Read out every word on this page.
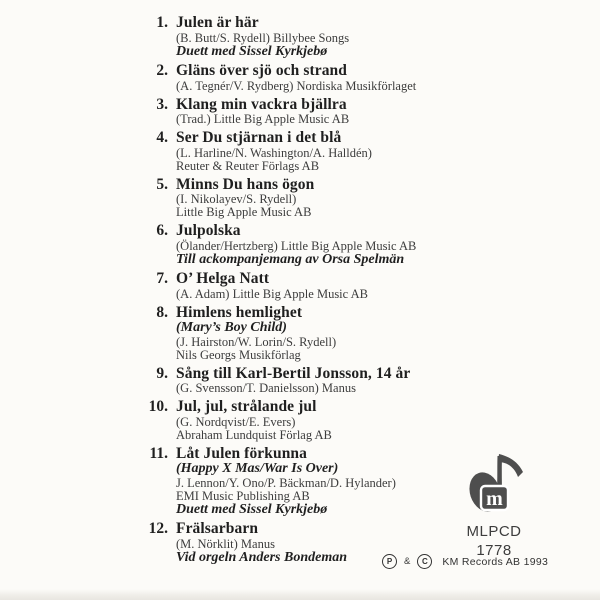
1. Julen är här
(B. Butt/S. Rydell) Billybee Songs
Duett med Sissel Kyrkjebø
2. Gläns över sjö och strand
(A. Tegnér/V. Rydberg) Nordiska Musikförlaget
3. Klang min vackra bjällra
(Trad.) Little Big Apple Music AB
4. Ser Du stjärnan i det blå
(L. Harline/N. Washington/A. Halldén)
Reuter & Reuter Förlags AB
5. Minns Du hans ögon
(I. Nikolayev/S. Rydell)
Little Big Apple Music AB
6. Julpolska
(Ölander/Hertzberg) Little Big Apple Music AB
Till ackompanjemang av Orsa Spelmän
7. O’ Helga Natt
(A. Adam) Little Big Apple Music AB
8. Himlens hemlighet
(Mary’s Boy Child)
(J. Hairston/W. Lorin/S. Rydell)
Nils Georgs Musikförlag
9. Sång till Karl-Bertil Jonsson, 14 år
(G. Svensson/T. Danielsson) Manus
10. Jul, jul, strålande jul
(G. Nordqvist/E. Evers)
Abraham Lundquist Förlag AB
11. Låt Julen förkunna
(Happy X Mas/War Is Over)
J. Lennon/Y. Ono/P. Bäckman/D. Hylander)
EMI Music Publishing AB
Duett med Sissel Kyrkjebø
12. Frälsarbarn
(M. Nörklit) Manus
Vid orgeln Anders Bondeman
m
MLPCD
1778
P	&	C	KM Records AB 1993
